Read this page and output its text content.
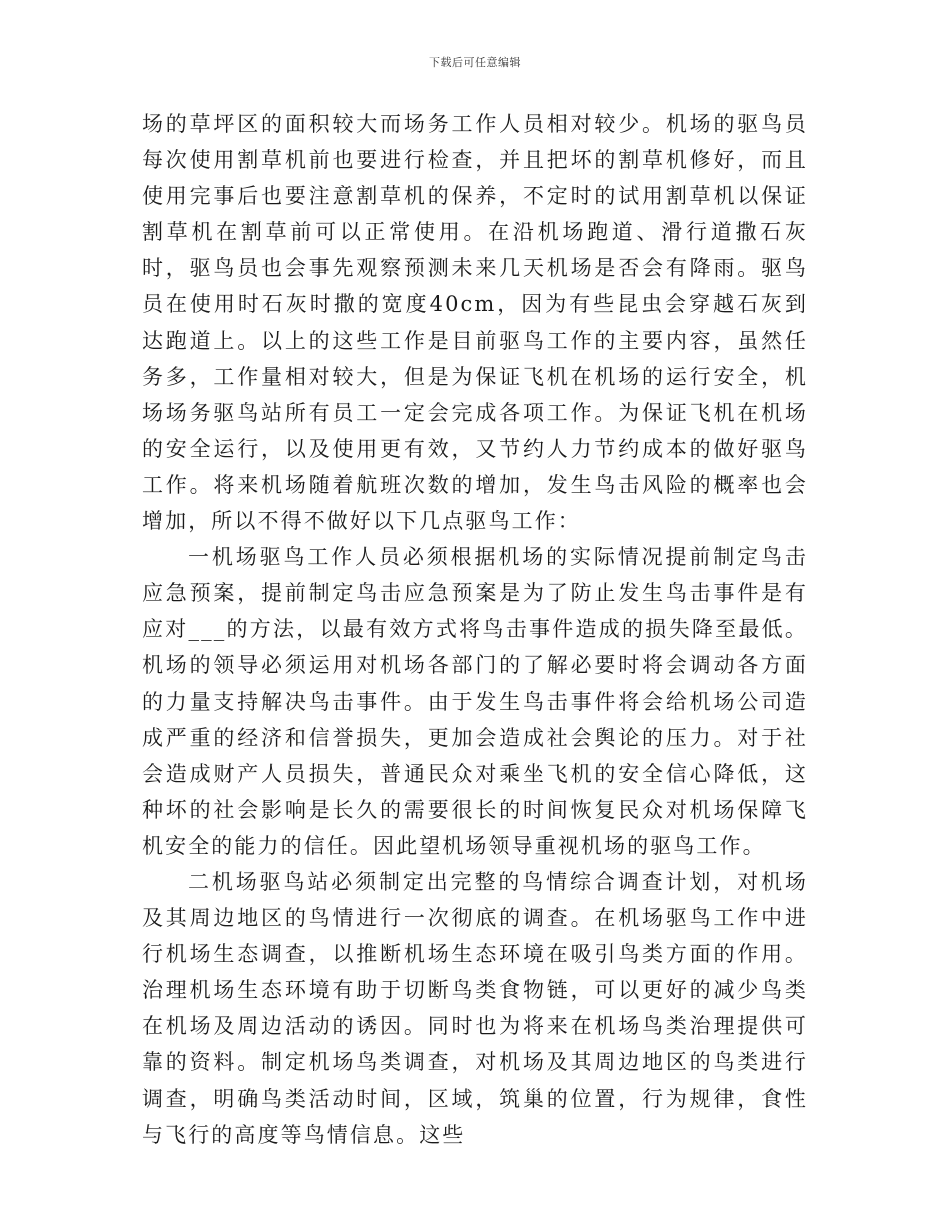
下载后可任意编辑

场的草坪区的面积较大而场务工作人员相对较少。机场的驱鸟员每次使用割草机前也要进行检查，并且把坏的割草机修好，而且使用完事后也要注意割草机的保养，不定时的试用割草机以保证割草机在割草前可以正常使用。在沿机场跑道、滑行道撒石灰时，驱鸟员也会事先观察预测未来几天机场是否会有降雨。驱鸟员在使用时石灰时撒的宽度40cm，因为有些昆虫会穿越石灰到达跑道上。以上的这些工作是目前驱鸟工作的主要内容，虽然任务多，工作量相对较大，但是为保证飞机在机场的运行安全，机场场务驱鸟站所有员工一定会完成各项工作。为保证飞机在机场的安全运行，以及使用更有效，又节约人力节约成本的做好驱鸟工作。将来机场随着航班次数的增加，发生鸟击风险的概率也会增加，所以不得不做好以下几点驱鸟工作：

一机场驱鸟工作人员必须根据机场的实际情况提前制定鸟击应急预案，提前制定鸟击应急预案是为了防止发生鸟击事件是有应对___的方法，以最有效方式将鸟击事件造成的损失降至最低。机场的领导必须运用对机场各部门的了解必要时将会调动各方面的力量支持解决鸟击事件。由于发生鸟击事件将会给机场公司造成严重的经济和信誉损失，更加会造成社会舆论的压力。对于社会造成财产人员损失，普通民众对乘坐飞机的安全信心降低，这种坏的社会影响是长久的需要很长的时间恢复民众对机场保障飞机安全的能力的信任。因此望机场领导重视机场的驱鸟工作。

二机场驱鸟站必须制定出完整的鸟情综合调查计划，对机场及其周边地区的鸟情进行一次彻底的调查。在机场驱鸟工作中进行机场生态调查，以推断机场生态环境在吸引鸟类方面的作用。治理机场生态环境有助于切断鸟类食物链，可以更好的减少鸟类在机场及周边活动的诱因。同时也为将来在机场鸟类治理提供可靠的资料。制定机场鸟类调查，对机场及其周边地区的鸟类进行调查，明确鸟类活动时间，区域，筑巢的位置，行为规律，食性与飞行的高度等鸟情信息。这些
